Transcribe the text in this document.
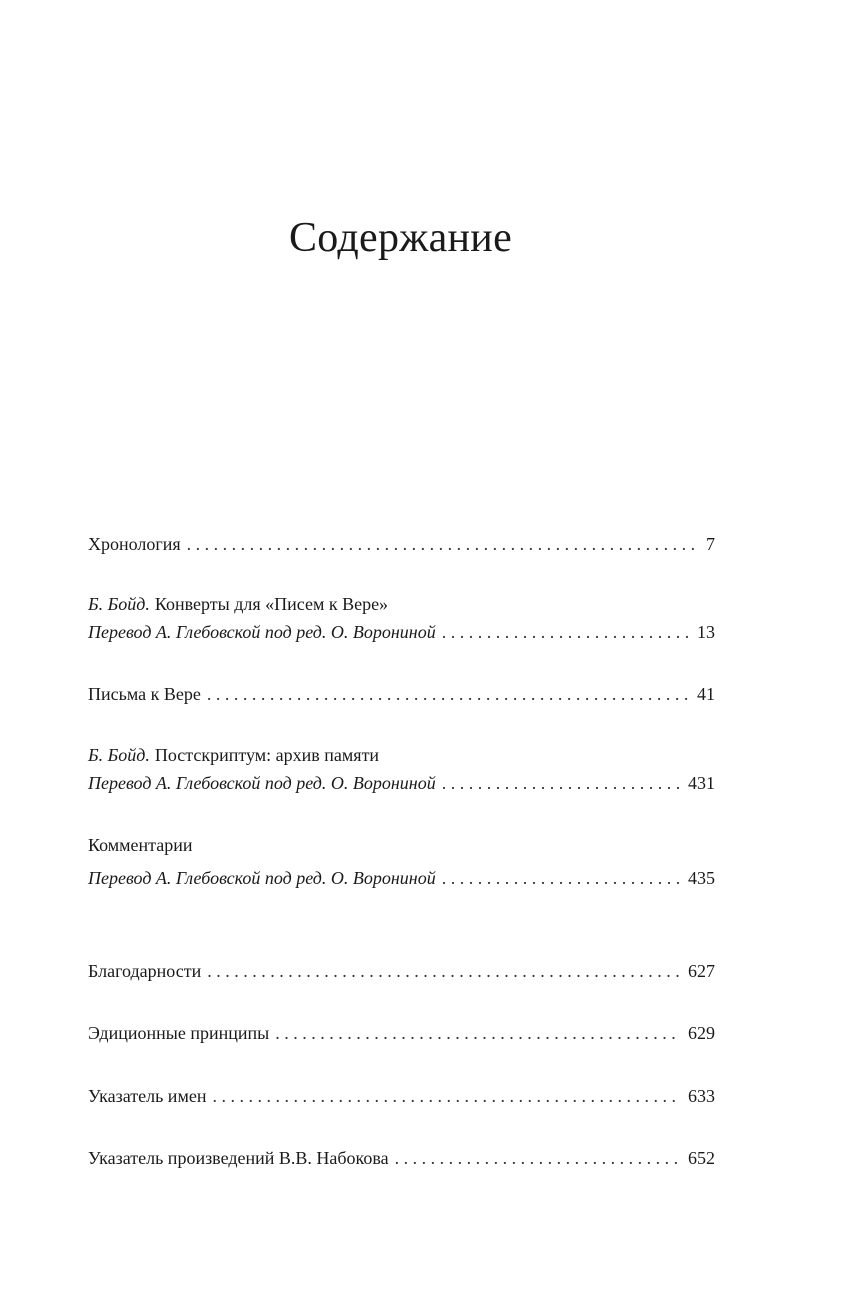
Содержание
Хронология . . .	7
Б. Бойд. Конверты для «Писем к Вере»
Перевод А. Глебовской под ред. О. Ворониной . . .	13
Письма к Вере . . .	41
Б. Бойд. Постскриптум: архив памяти
Перевод А. Глебовской под ред. О. Ворониной . . .	431
Комментарии
Перевод А. Глебовской под ред. О. Ворониной . . .	435
Благодарности . . .	627
Эдиционные принципы . . .	629
Указатель имен . . .	633
Указатель произведений В.В. Набокова . . .	652
